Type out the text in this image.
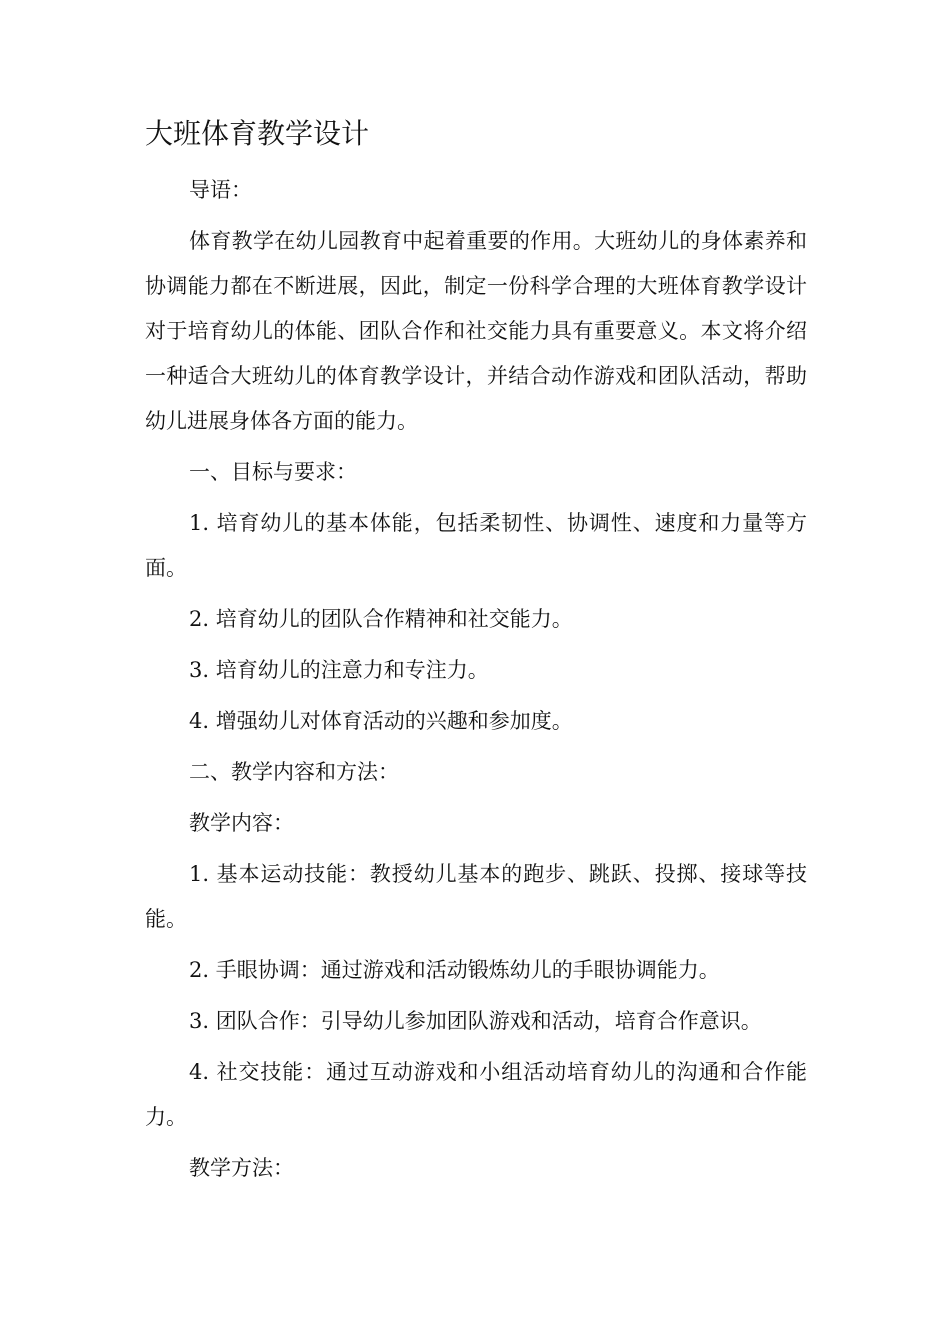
大班体育教学设计

导语：

体育教学在幼儿园教育中起着重要的作用。大班幼儿的身体素养和协调能力都在不断进展，因此，制定一份科学合理的大班体育教学设计对于培育幼儿的体能、团队合作和社交能力具有重要意义。本文将介绍一种适合大班幼儿的体育教学设计，并结合动作游戏和团队活动，帮助幼儿进展身体各方面的能力。

一、目标与要求：

1. 培育幼儿的基本体能，包括柔韧性、协调性、速度和力量等方面。

2. 培育幼儿的团队合作精神和社交能力。

3. 培育幼儿的注意力和专注力。

4. 增强幼儿对体育活动的兴趣和参加度。

二、教学内容和方法：

教学内容：

1. 基本运动技能：教授幼儿基本的跑步、跳跃、投掷、接球等技能。

2. 手眼协调：通过游戏和活动锻炼幼儿的手眼协调能力。

3. 团队合作：引导幼儿参加团队游戏和活动，培育合作意识。

4. 社交技能：通过互动游戏和小组活动培育幼儿的沟通和合作能力。

教学方法：
